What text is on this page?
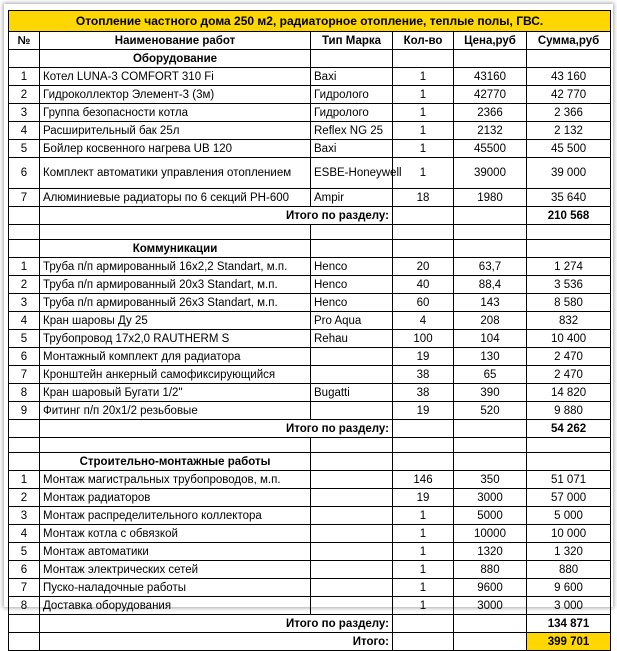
Отопление частного дома 250 м2, радиаторное отопление, теплые полы, ГВС.					
№	Наименование работ	Тип Марка	Кол-во	Цена,руб	Сумма,руб
	Оборудование				
1	Котел LUNA-3 COMFORT 310 Fi	Baxi	1	43160	43 160
2	Гидроколлектор Элемент-3 (3м)	Гидролого	1	42770	42 770
3	Группа безопасности котла	Гидролого	1	2366	2 366
4	Расширительный бак 25л	Reflex NG 25	1	2132	2 132
5	Бойлер косвенного нагрева UB 120	Baxi	1	45500	45 500
6	Комплект автоматики управления отоплением	ESBE-Honeywell	1	39000	39 000
7	Алюминиевые радиаторы по 6 секций РН-600	Ampir	18	1980	35 640
	Итого по разделу:				210 568

	Коммуникации				
1	Труба п/п армированный 16х2,2 Standart, м.п.	Henco	20	63,7	1 274
2	Труба п/п армированный 20х3 Standart, м.п.	Henco	40	88,4	3 536
3	Труба п/п армированный 26х3 Standart, м.п.	Henco	60	143	8 580
4	Кран шаровы Ду 25	Pro Aqua	4	208	832
5	Трубопровод 17х2,0 RAUTHERM S	Rehau	100	104	10 400
6	Монтажный комплект для радиатора		19	130	2 470
7	Кронштейн анкерный самофиксирующийся		38	65	2 470
8	Кран шаровый Бугати 1/2"	Bugatti	38	390	14 820
9	Фитинг п/п 20х1/2 резьбовые		19	520	9 880
	Итого по разделу:				54 262

	Строительно-монтажные работы				
1	Монтаж магистральных трубопроводов, м.п.		146	350	51 071
2	Монтаж радиаторов		19	3000	57 000
3	Монтаж распределительного коллектора		1	5000	5 000
4	Монтаж котла с обвязкой		1	10000	10 000
5	Монтаж автоматики		1	1320	1 320
6	Монтаж электрических сетей		1	880	880
7	Пуско-наладочные работы		1	9600	9 600
8	Доставка оборудования		1	3000	3 000
	Итого по разделу:				134 871
	Итого:				399 701
